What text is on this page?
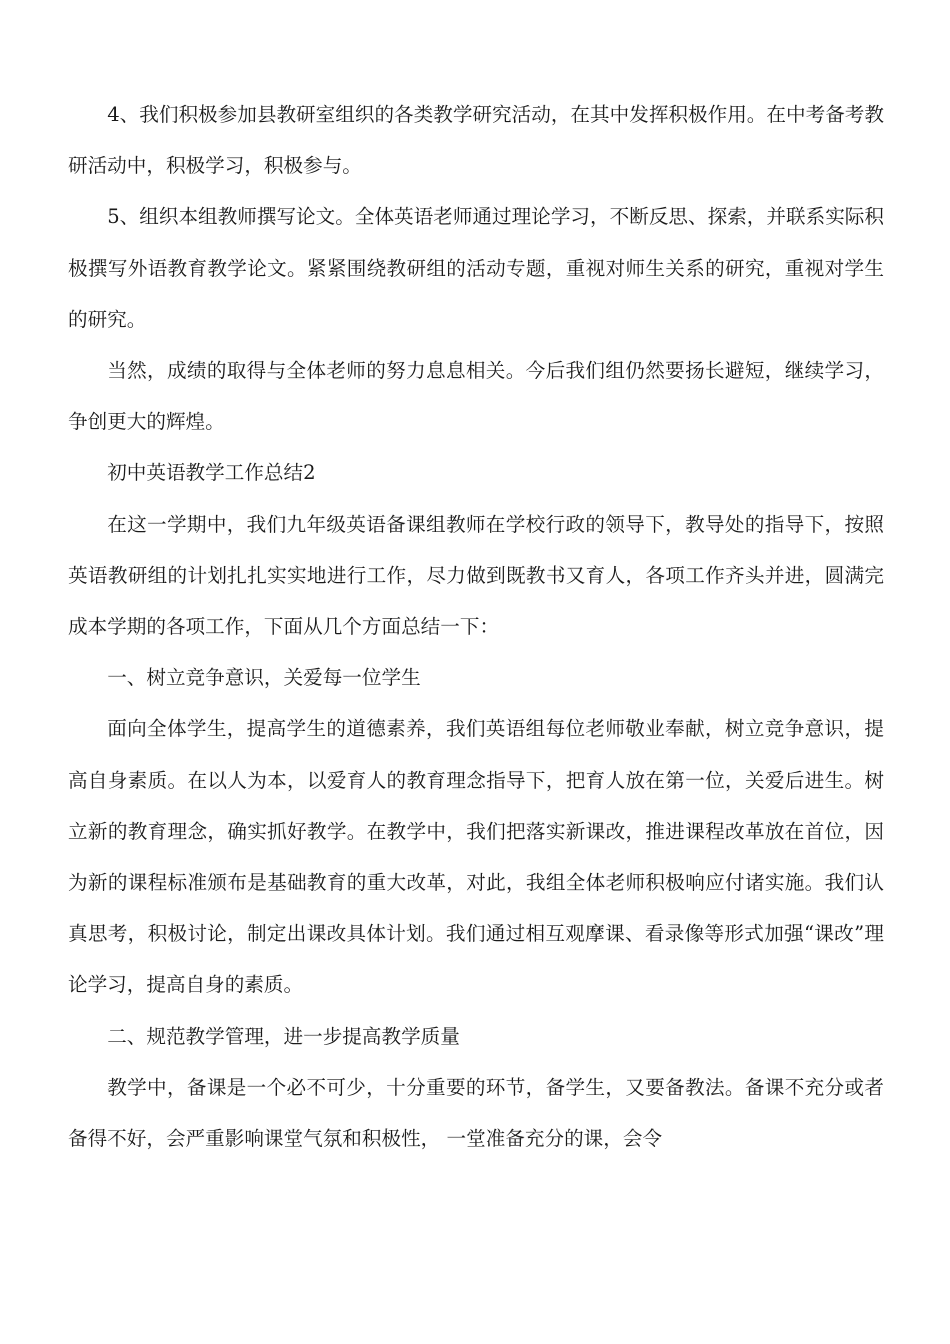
4、我们积极参加县教研室组织的各类教学研究活动，在其中发挥积极作用。在中考备考教研活动中，积极学习，积极参与。

5、组织本组教师撰写论文。全体英语老师通过理论学习，不断反思、探索，并联系实际积极撰写外语教育教学论文。紧紧围绕教研组的活动专题，重视对师生关系的研究，重视对学生的研究。

当然，成绩的取得与全体老师的努力息息相关。今后我们组仍然要扬长避短，继续学习，争创更大的辉煌。

初中英语教学工作总结2

在这一学期中，我们九年级英语备课组教师在学校行政的领导下，教导处的指导下，按照英语教研组的计划扎扎实实地进行工作，尽力做到既教书又育人，各项工作齐头并进，圆满完成本学期的各项工作，下面从几个方面总结一下：

一、树立竞争意识，关爱每一位学生

面向全体学生，提高学生的道德素养，我们英语组每位老师敬业奉献，树立竞争意识，提高自身素质。在以人为本，以爱育人的教育理念指导下，把育人放在第一位，关爱后进生。树立新的教育理念，确实抓好教学。在教学中，我们把落实新课改，推进课程改革放在首位，因为新的课程标准颁布是基础教育的重大改革，对此，我组全体老师积极响应付诸实施。我们认真思考，积极讨论，制定出课改具体计划。我们通过相互观摩课、看录像等形式加强“课改”理论学习，提高自身的素质。

二、规范教学管理，进一步提高教学质量

教学中，备课是一个必不可少，十分重要的环节，备学生，又要备教法。备课不充分或者备得不好，会严重影响课堂气氛和积极性， 一堂准备充分的课，会令
